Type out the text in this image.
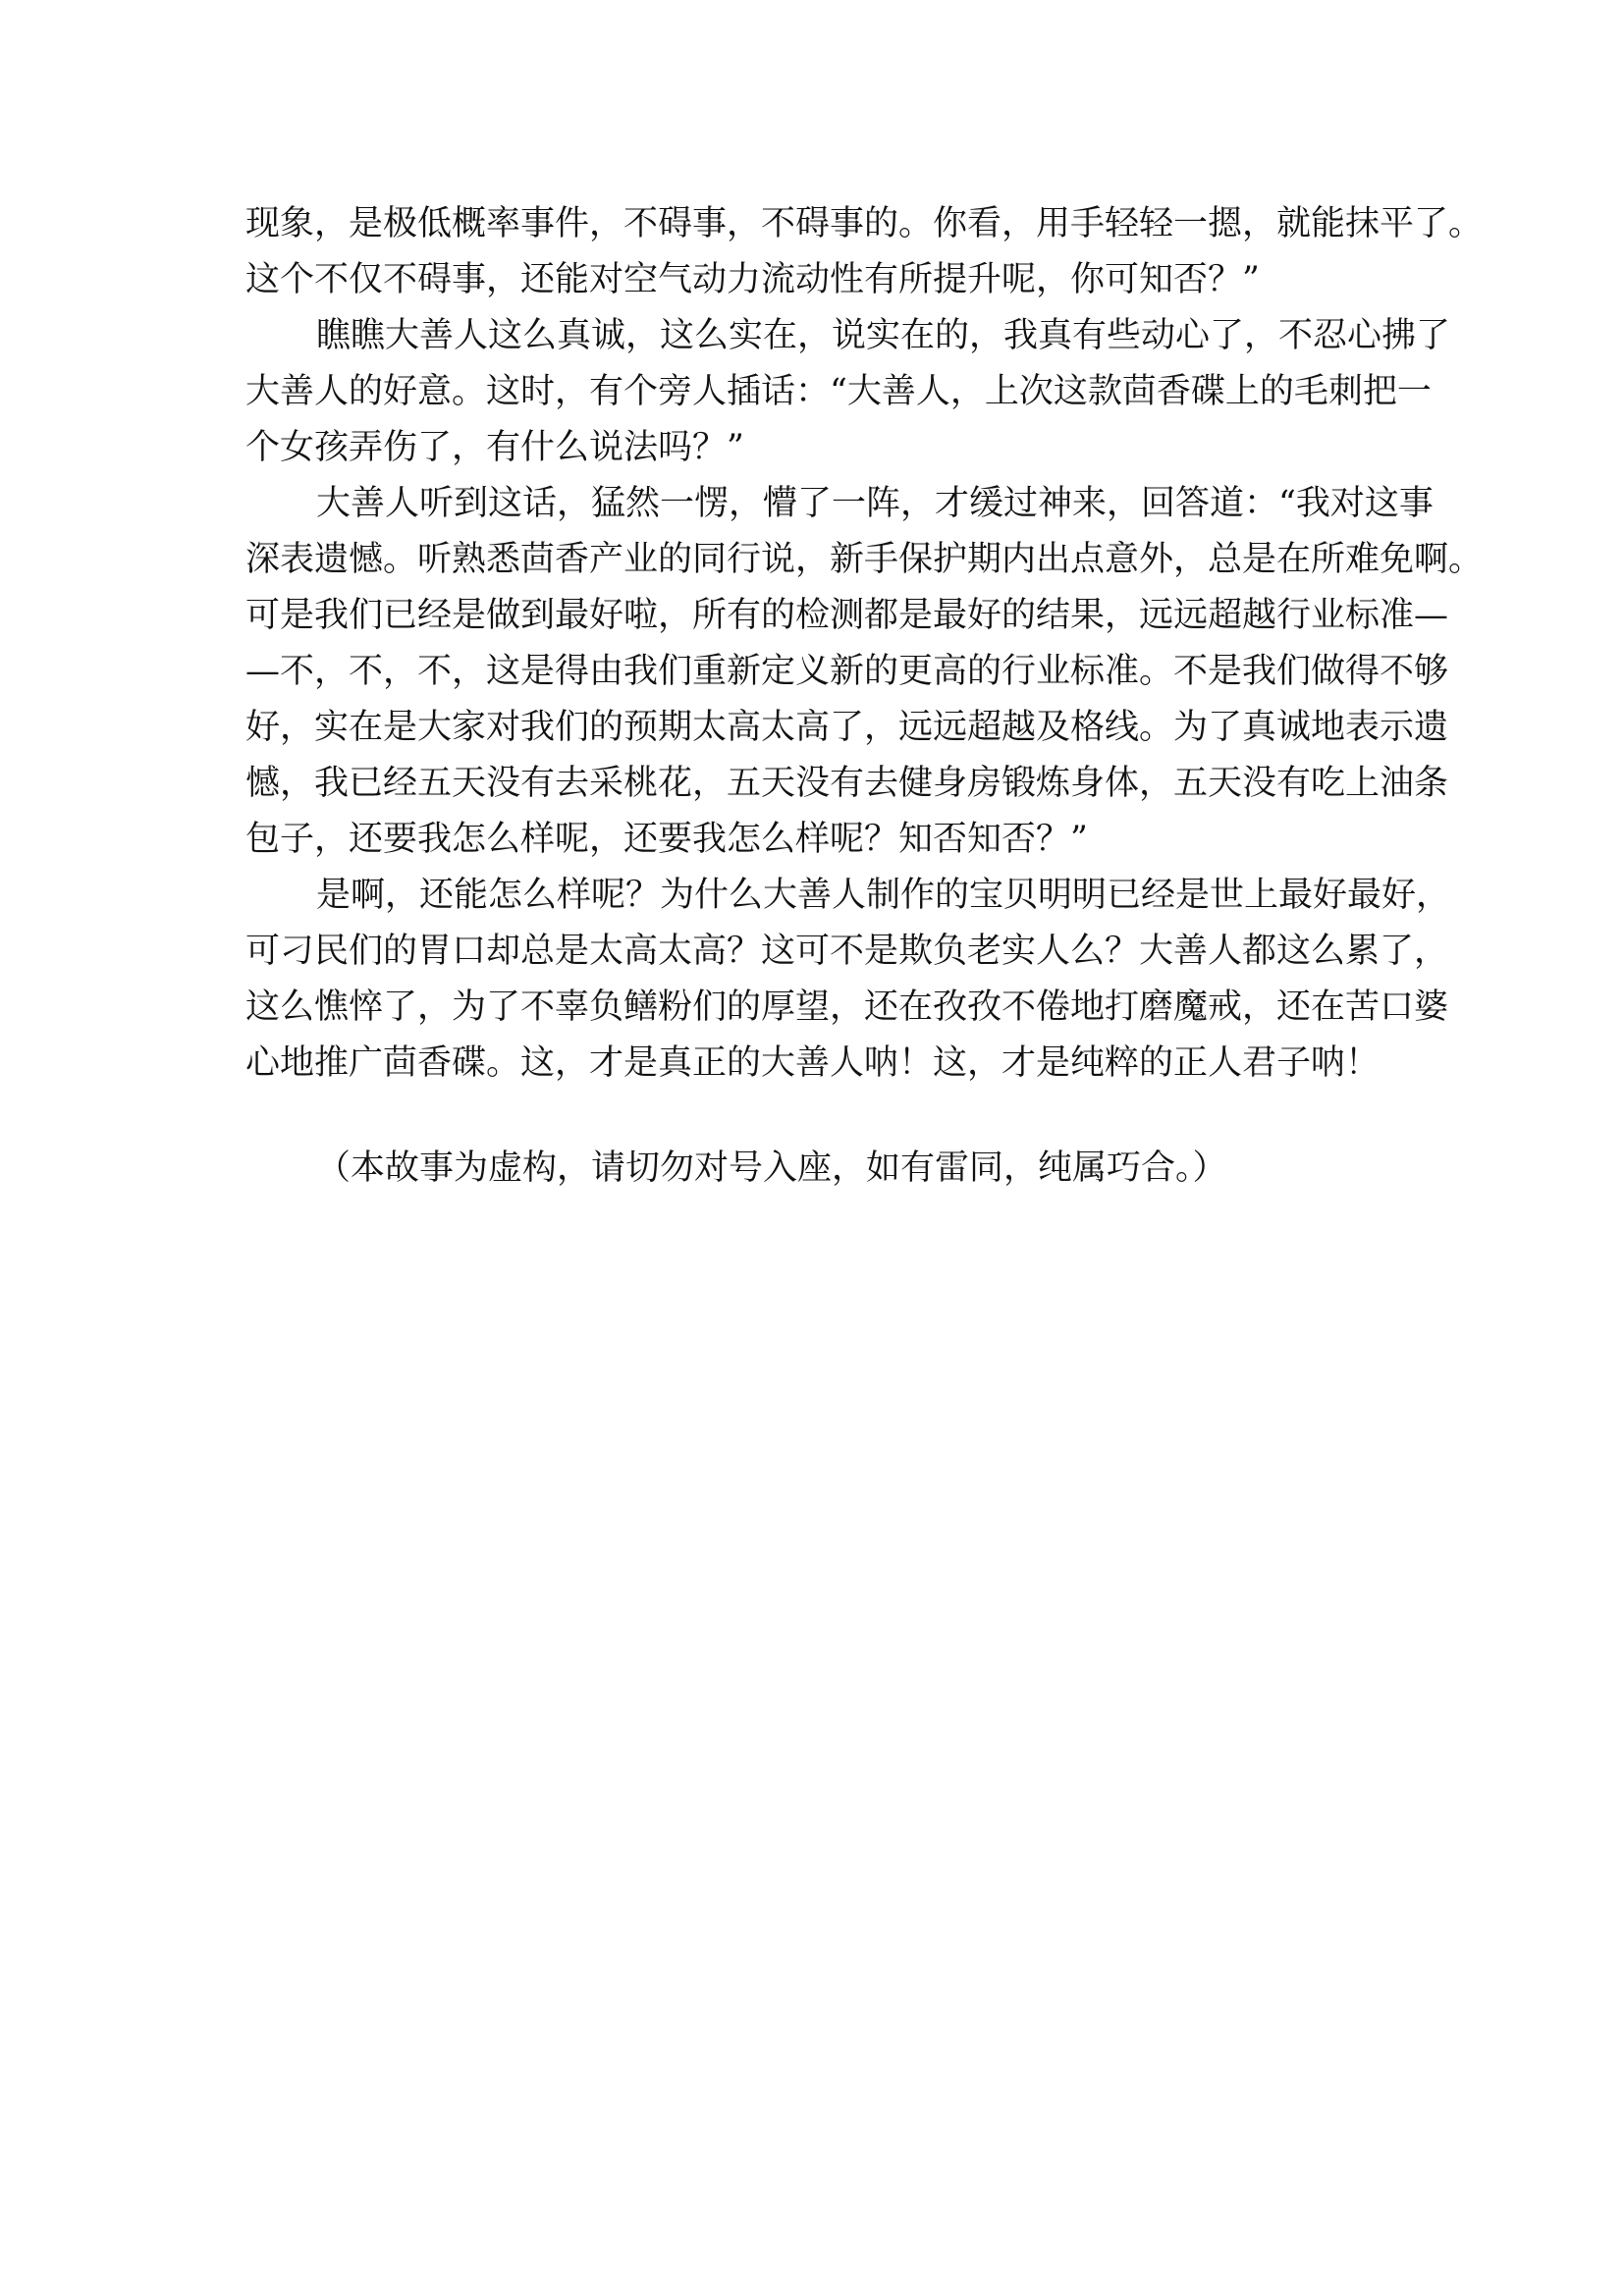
现象，是极低概率事件，不碍事，不碍事的。你看，用手轻轻一摁，就能抹平了。
这个不仅不碍事，还能对空气动力流动性有所提升呢，你可知否？”
瞧瞧大善人这么真诚，这么实在，说实在的，我真有些动心了，不忍心拂了
大善人的好意。这时，有个旁人插话：“大善人，上次这款茴香碟上的毛刺把一
个女孩弄伤了，有什么说法吗？”
大善人听到这话，猛然一愣，懵了一阵，才缓过神来，回答道：“我对这事
深表遗憾。听熟悉茴香产业的同行说，新手保护期内出点意外，总是在所难免啊。
可是我们已经是做到最好啦，所有的检测都是最好的结果，远远超越行业标准—
—不，不，不，这是得由我们重新定义新的更高的行业标准。不是我们做得不够
好，实在是大家对我们的预期太高太高了，远远超越及格线。为了真诚地表示遗
憾，我已经五天没有去采桃花，五天没有去健身房锻炼身体，五天没有吃上油条
包子，还要我怎么样呢，还要我怎么样呢？知否知否？”
是啊，还能怎么样呢？为什么大善人制作的宝贝明明已经是世上最好最好，
可刁民们的胃口却总是太高太高？这可不是欺负老实人么？大善人都这么累了，
这么憔悴了，为了不辜负鳝粉们的厚望，还在孜孜不倦地打磨魔戒，还在苦口婆
心地推广茴香碟。这，才是真正的大善人呐！这，才是纯粹的正人君子呐！
（本故事为虚构，请切勿对号入座，如有雷同，纯属巧合。）
